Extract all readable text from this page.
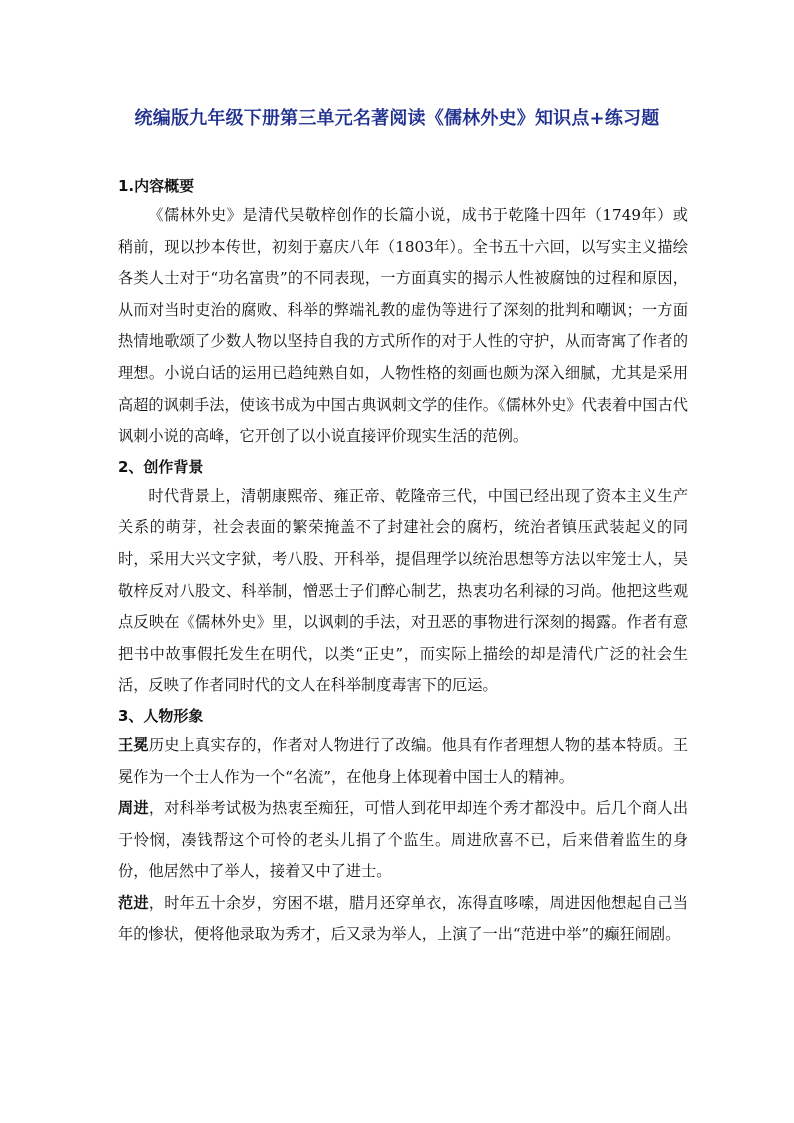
统编版九年级下册第三单元名著阅读《儒林外史》知识点+练习题
1.内容概要

《儒林外史》是清代吴敬梓创作的长篇小说，成书于乾隆十四年（1749年）或稍前，现以抄本传世，初刻于嘉庆八年（1803年）。全书五十六回，以写实主义描绘各类人士对于“功名富贵”的不同表现，一方面真实的揭示人性被腐蚀的过程和原因，从而对当时吏治的腐败、科举的弊端礼教的虚伪等进行了深刻的批判和嘲讽；一方面热情地歌颂了少数人物以坚持自我的方式所作的对于人性的守护，从而寄寓了作者的理想。小说白话的运用已趋纯熟自如，人物性格的刻画也颇为深入细腻，尤其是采用高超的讽刺手法，使该书成为中国古典讽刺文学的佳作。《儒林外史》代表着中国古代讽刺小说的高峰，它开创了以小说直接评价现实生活的范例。

2、创作背景

时代背景上，清朝康熙帝、雍正帝、乾隆帝三代，中国已经出现了资本主义生产关系的萌芽，社会表面的繁荣掩盖不了封建社会的腐朽，统治者镇压武装起义的同时，采用大兴文字狱，考八股、开科举，提倡理学以统治思想等方法以牢笼士人，吴敬梓反对八股文、科举制，憎恶士子们醉心制艺，热衷功名利禄的习尚。他把这些观点反映在《儒林外史》里，以讽刺的手法，对丑恶的事物进行深刻的揭露。作者有意把书中故事假托发生在明代，以类“正史”，而实际上描绘的却是清代广泛的社会生活，反映了作者同时代的文人在科举制度毒害下的厄运。

3、人物形象

王冕历史上真实存的，作者对人物进行了改编。他具有作者理想人物的基本特质。王冕作为一个士人作为一个“名流”，在他身上体现着中国士人的精神。

周进，对科举考试极为热衷至痴狂，可惜人到花甲却连个秀才都没中。后几个商人出于怜悯，凑钱帮这个可怜的老头儿捐了个监生。周进欣喜不已，后来借着监生的身份，他居然中了举人，接着又中了进士。

范进，时年五十余岁，穷困不堪，腊月还穿单衣，冻得直哆嗦，周进因他想起自己当年的惨状，便将他录取为秀才，后又录为举人，上演了一出“范进中举”的癫狂闹剧。
